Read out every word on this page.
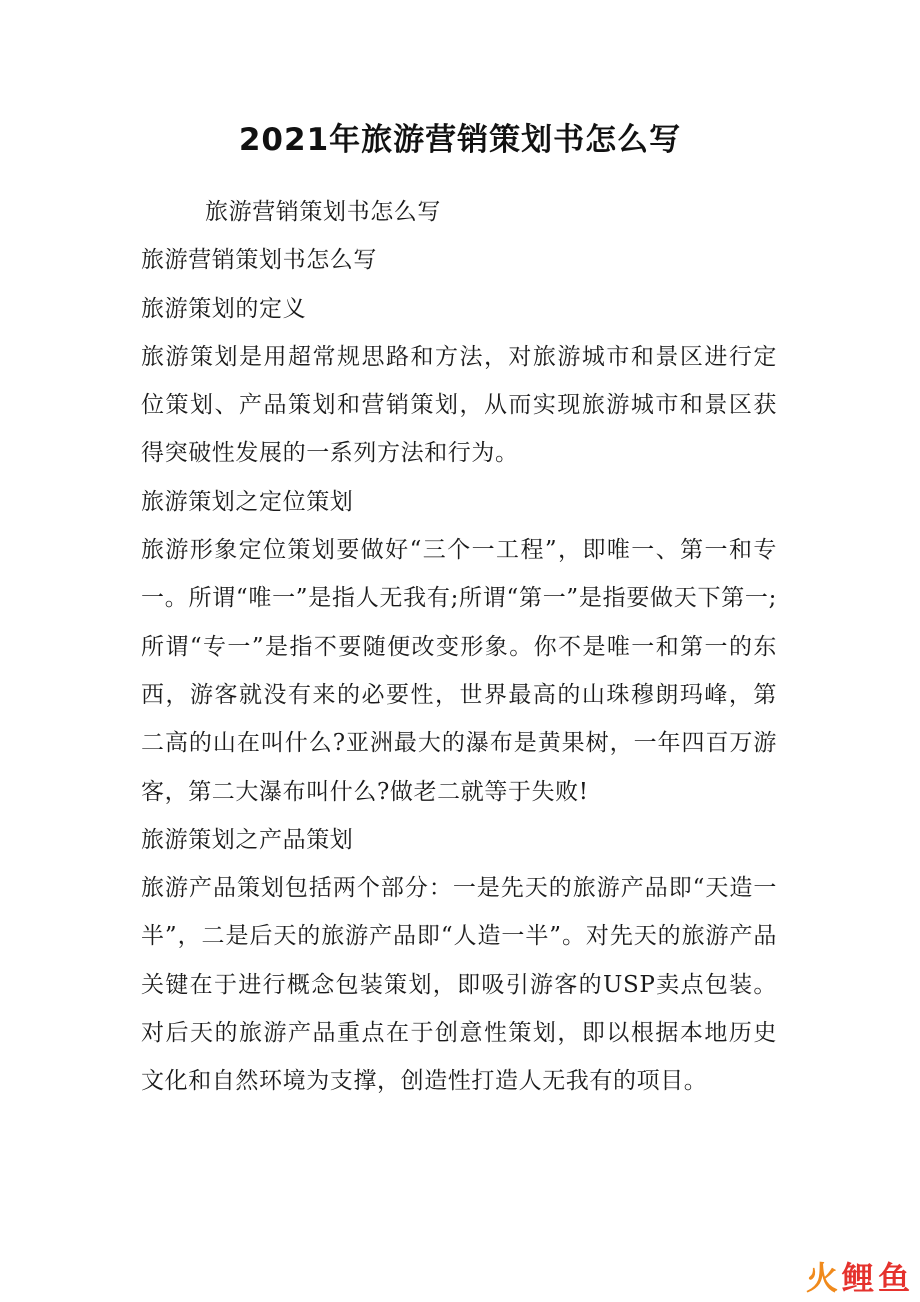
2021年旅游营销策划书怎么写

旅游营销策划书怎么写

旅游营销策划书怎么写

旅游策划的定义

旅游策划是用超常规思路和方法，对旅游城市和景区进行定位策划、产品策划和营销策划，从而实现旅游城市和景区获得突破性发展的一系列方法和行为。

旅游策划之定位策划

旅游形象定位策划要做好“三个一工程”，即唯一、第一和专一。所谓“唯一”是指人无我有;所谓“第一”是指要做天下第一;所谓“专一”是指不要随便改变形象。你不是唯一和第一的东西，游客就没有来的必要性，世界最高的山珠穆朗玛峰，第二高的山在叫什么?亚洲最大的瀑布是黄果树，一年四百万游客，第二大瀑布叫什么?做老二就等于失败!

旅游策划之产品策划

旅游产品策划包括两个部分：一是先天的旅游产品即“天造一半”，二是后天的旅游产品即“人造一半”。对先天的旅游产品关键在于进行概念包装策划，即吸引游客的USP卖点包装。对后天的旅游产品重点在于创意性策划，即以根据本地历史文化和自然环境为支撑，创造性打造人无我有的项目。

火 鲤 鱼
